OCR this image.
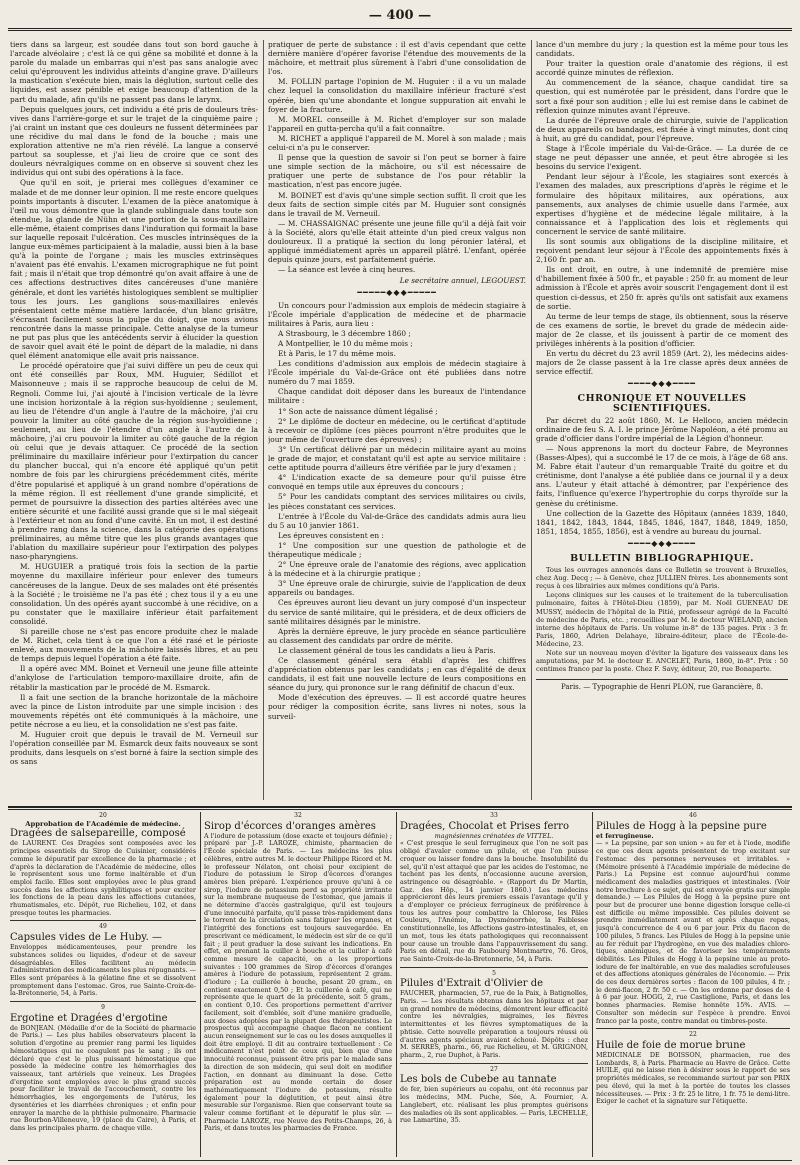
— 400 —

tiers dans sa largeur, est soudée dans tout son bord gauche à l'arcade alvéolaire ; c'est là ce qui gêne sa mobilité et donne à la parole du malade un embarras qui n'est pas sans analogie avec celui qu'éprouvent les individus atteints d'angine grave. D'ailleurs la mastication s'exécute bien, mais la déglution, surtout celle des liquides, est assez pénible et exige beaucoup d'attention de la part du malade, afin qu'ils ne passent pas dans le larynx.

Depuis quelques jours, cet individu a été pris de douleurs très-vives dans l'arrière-gorge et sur le trajet de la cinquième paire ; j'ai craint un instant que ces douleurs ne fussent déterminées par une récidive du mal dans le fond de la bouche ; mais une exploration attentive ne m'a rien révélé. La langue a conservé partout sa souplesse, et j'ai lieu de croire que ce sont des douleurs névralgiques comme on en observe si souvent chez les individus qui ont subi des opérations à la face.

Que qu'il en soit, je prierai mes collègues d'examiner ce malade et de me donner leur opinion. Il me reste encore quelques points importants à discuter. L'examen de la pièce anatomique à l'œil nu vous démontre que la glande sublinguale dans toute son étendue, la glande de Nühn et une portion de la sous-maxillaire elle-même, étaient comprises dans l'induration qui formait la base sur laquelle reposait l'ulcération. Ces muscles intrinsèques de la langue eux-mêmes participaient à la maladie, aussi bien à la base qu'à la pointe de l'organe ; mais les muscles extrinsèques n'avaient pas été envahis. L'examen micrographique ne fut point fait ; mais il n'était que trop démontré qu'on avait affaire à une de ces affections destructives dites cancéreuses d'une manière générale, et dont les variétés histologiques semblent se multiplier tous les jours. Les ganglions sous-maxillaires enlevés présentaient cette même matière lardacée, d'un blanc grisâtre, s'écrasant facilement sous la pulpe du doigt, que nous avions rencontrée dans la masse principale. Cette analyse de la tumeur ne put pas plus que les antécédents servir à élucider la question de savoir quel avait été le point de départ de la maladie, ni dans quel élément anatomique elle avait pris naissance.

Le procédé opératoire que j'ai suivi diffère un peu de ceux qui ont été conseillés par Roux, MM. Huguier, Sédillot et Maisonneuve ; mais il se rapproche beaucoup de celui de M. Regnoli. Comme lui, j'ai ajouté à l'incision verticale de la lèvre une incision horizontale à la région sus-hyoïdienne ; seulement, au lieu de l'étendre d'un angle à l'autre de la mâchoire, j'ai cru pouvoir la limiter au côté gauche de la région sus-hyoïdienne ; seulement, au lieu de l'étendre d'un angle à l'autre de la mâchoire, j'ai cru pouvoir la limiter au côté gauche de la région où celui que je devais attaquer. Ce procédé de la section préliminaire du maxillaire inférieur pour l'extirpation du cancer du plancher buccal, qui n'a encore été appliqué qu'un petit nombre de fois par les chirurgiens précédemment cités, mérite d'être popularisé et appliqué à un grand nombre d'opérations de la même région. Il est réellement d'une grande simplicité, et permet de poursuivre la dissection des parties altérées avec une entière sécurité et une facilité aussi grande que si le mal siégeait à l'extérieur et non au fond d'une cavité. En un mot, il est destiné à prendre rang dans la science, dans la catégorie des opérations préliminaires, au même titre que les plus grands avantages que l'ablation du maxillaire supérieur pour l'extirpation des polypes naso-pharyngiens.

M. HUGUIER a pratiqué trois fois la section de la partie moyenne du maxillaire inférieur pour enlever des tumeurs cancéreuses de la langue. Deux de ses malades ont été présentés à la Société ; le troisième ne l'a pas été ; chez tous il y a eu une consolidation. Un des opérés ayant succombé à une récidive, on a pu constater que le maxillaire inférieur était parfaitement consolidé.

Si pareille chose ne s'est pas encore produite chez le malade de M. Richet, cela tient à ce que l'on a été rasé et le périoste enlevé, aux mouvements de la mâchoire laissés libres, et au peu de temps depuis lequel l'opération a été faite.

Il a opéré avec MM. Boinet et Verneuil une jeune fille atteinte d'ankylose de l'articulation temporo-maxillaire droite, afin de rétablir la mastication par le procédé de M. Esmarck.

Il a fait une section de la branche horizontale de la mâchoire avec la pince de Liston introduite par une simple incision : des mouvements répétés ont été communiqués à la mâchoire, une petite nécrose a eu lieu, et la consolidation ne s'est pas faite.

M. Huguier croit que depuis le travail de M. Verneuil sur l'opération conseillée par M. Esmarck deux faits nouveaux se sont produits, dans lesquels on s'est borné à faire la section simple des os sans

pratiquer de perte de substance : il est d'avis cependant que cette dernière manière d'opérer favorise l'étendue des mouvements de la mâchoire, et mettrait plus sûrement à l'abri d'une consolidation de l'os.

M. FOLLIN partage l'opinion de M. Huguier : il a vu un malade chez lequel la consolidation du maxillaire inférieur fracturé s'est opérée, bien qu'une abondante et longue suppuration ait envahi le foyer de la fracture.

M. MOREL conseille à M. Richet d'employer sur son malade l'appareil en gutta-percha qu'il a fait connaître.

M. RICHET a appliqué l'appareil de M. Morel à son malade ; mais celui-ci n'a pu le conserver.

Il pense que la question de savoir si l'on peut se borner à faire une simple section de la mâchoire, ou s'il est nécessaire de pratiquer une perte de substance de l'os pour rétablir la mastication, n'est pas encore jugée.

M. BOINET est d'avis qu'une simple section suffit. Il croit que les deux faits de section simple cités par M. Huguier sont consignés dans le travail de M. Verneuil.

— M. CHASSAIGNAC présente une jeune fille qu'il a déjà fait voir à la Société, alors qu'elle était atteinte d'un pied creux valgus non douloureux. Il a pratiqué la section du long péronier latéral, et appliqué immédiatement après un appareil plâtré. L'enfant, opérée depuis quinze jours, est parfaitement guérie.

— La séance est levée à cinq heures.

Le secrétaire annuel, LEGOUEST.
━━━━━◆◆◆━━━━━

Un concours pour l'admission aux emplois de médecin stagiaire à l'École impériale d'application de médecine et de pharmacie militaires à Paris, aura lieu :

A Strasbourg, le 3 décembre 1860 ;

A Montpellier, le 10 du même mois ;

Et à Paris, le 17 du même mois.

Les conditions d'admission aux emplois de médecin stagiaire à l'École impériale du Val-de-Grâce ont été publiées dans notre numéro du 7 mai 1859.

Chaque candidat doit déposer dans les bureaux de l'intendance militaire :

1° Son acte de naissance dûment légalisé ;

2° Le diplôme de docteur en médecine, ou le certificat d'aptitude à recevoir ce diplôme (ces pièces pourront n'être produites que le jour même de l'ouverture des épreuves) ;

3° Un certificat délivré par un médecin militaire ayant au moins le grade de major, et constatant qu'il est apte au service militaire : cette aptitude pourra d'ailleurs être vérifiée par le jury d'examen ;

4° L'indication exacte de sa demeure pour qu'il puisse être convoqué en temps utile aux épreuves du concours ;

5° Pour les candidats comptant des services militaires ou civils, les pièces constatant ces services.

L'entrée à l'École du Val-de-Grâce des candidats admis aura lieu du 5 au 10 janvier 1861.

Les épreuves consistent en :

1° Une composition sur une question de pathologie et de thérapeutique médicale ;

2° Une épreuve orale de l'anatomie des régions, avec application à la médecine et à la chirurgie pratique ;

3° Une épreuve orale de chirurgie, suivie de l'application de deux appareils ou bandages.

Ces épreuves auront lieu devant un jury composé d'un inspecteur du service de santé militaire, qui le présidera, et de deux officiers de santé militaires désignés par le ministre.

Après la dernière épreuve, le jury procède en séance particulière au classement des candidats par ordre de mérite.

Le classement général de tous les candidats a lieu à Paris.

Ce classement général sera établi d'après les chiffres d'appréciation obtenus par les candidats ; en cas d'égalité de deux candidats, il est fait une nouvelle lecture de leurs compositions en séance du jury, qui prononce sur le rang définitif de chacun d'eux.

Mode d'exécution des épreuves. — Il est accordé quatre heures pour rédiger la composition écrite, sans livres ni notes, sous la surveil-

lance d'un membre du jury ; la question est la même pour tous les candidats.

Pour traiter la question orale d'anatomie des régions, il est accordé quinze minutes de réflexion.

Au commencement de la séance, chaque candidat tire sa question, qui est numérotée par le président, dans l'ordre que le sort a fixé pour son audition ; elle lui est remise dans le cabinet de réflexion quinze minutes avant l'épreuve.

La durée de l'épreuve orale de chirurgie, suivie de l'application de deux appareils ou bandages, est fixée à vingt minutes, dont cinq à huit, au gré du candidat, pour l'épreuve.

Stage à l'École impériale du Val-de-Grâce. — La durée de ce stage ne peut dépasser une année, et peut être abrogée si les besoins du service l'exigent.

Pendant leur séjour à l'École, les stagiaires sont exercés à l'examen des malades, aux prescriptions d'après le régime et le formulaire des hôpitaux militaires, aux opérations, aux pansements, aux analyses de chimie usuelle dans l'armée, aux expertises d'hygiène et de médecine légale militaire, à la connaissance et à l'application des lois et règlements qui concernent le service de santé militaire.

Ils sont soumis aux obligations de la discipline militaire, et reçoivent pendant leur séjour à l'École des appointements fixés à 2,160 fr. par an.

Ils ont droit, en outre, à une indemnité de première mise d'habillement fixée à 500 fr., et payable : 250 fr. au moment de leur admission à l'École et après avoir souscrit l'engagement dont il est question ci-dessus, et 250 fr. après qu'ils ont satisfait aux examens de sortie.

Au terme de leur temps de stage, ils obtiennent, sous la réserve de ces examens de sortie, le brevet du grade de médecin aide-major de 2e classe, et ils jouissent à partir de ce moment des privilèges inhérents à la position d'officier.

En vertu du décret du 23 avril 1859 (Art. 2), les médecins aides-majors de 2e classe passent à la 1re classe après deux années de service effectif.

━━━━◆◆◆━━━━
CHRONIQUE ET NOUVELLES SCIENTIFIQUES.

Par décret du 22 août 1860, M. Le Helloco, ancien médecin ordinaire de feu S. A. I. le prince Jérôme Napoléon, a été promu au grade d'officier dans l'ordre impérial de la Légion d'honneur.

— Nous apprenons la mort du docteur Fabre, de Meyronnes (Basses-Alpes), qui a succombé le 17 de ce mois, à l'âge de 68 ans. M. Fabre était l'auteur d'un remarquable Traité du goitre et du crétinisme, dont l'analyse a été publiée dans ce journal il y a deux ans. L'auteur y était attaché à démontrer, par l'expérience des faits, l'influence qu'exerce l'hypertrophie du corps thyroïde sur la genèse du crétinisme.

Une collection de la Gazette des Hôpitaux (années 1839, 1840, 1841, 1842, 1843, 1844, 1845, 1846, 1847, 1848, 1849, 1850, 1851, 1854, 1855, 1856), est à vendre au bureau du journal.

━━━━◆◆◆━━━━
BULLETIN BIBLIOGRAPHIQUE.

Tous les ouvrages annoncés dans ce Bulletin se trouvent à Bruxelles, chez Aug. Decq ; — à Genève, chez JULLIEN frères. Les abonnements sont reçus à ces librairies aux mêmes conditions qu'à Paris.

Leçons cliniques sur les causes et le traitement de la tuberculisation pulmonaire, faites à l'Hôtel-Dieu (1859), par M. Noël GUENEAU DE MUSSY, médecin de l'hôpital de la Pitié, professeur agrégé de la Faculté de médecine de Paris, etc. ; recueillies par M. le docteur WIELAND, ancien interne des hôpitaux de Paris. Un volume in-8° de 135 pages. Prix : 3 fr. Paris, 1860, Adrien Delahaye, libraire-éditeur, place de l'École-de-Médecine, 23.

Note sur un nouveau moyen d'éviter la ligature des vaisseaux dans les amputations, par M. le docteur E. ANCELET, Paris, 1860, in-8°. Prix : 50 centimes franco par la poste. Chez F. Savy, éditeur, 20, rue Bonaparte.

Paris. — Typographie de Henri PLON, rue Garancière, 8.
20
Approbation de l'Académie de médecine.
Dragées de salsepareille, composé

de LAURENT. Ces Dragées sont composées avec les principes essentiels du Sirop de Cuisinier, considérés comme le dépuratif par excellence de la pharmacie ; et d'après la déclaration de l'Académie de médecine, elles le représentent sous une forme inaltérable et d'un emploi facile. Elles sont employées avec le plus grand succès dans les affections syphilitiques et pour exciter les fonctions de la peau dans les affections cutanées, rhumatismales, etc. Dépôt, rue Richelieu, 102, et dans presque toutes les pharmacies.

49
Capsules vides de Le Huby. —

Enveloppes médicamenteuses, pour prendre les substances solides ou liquides, d'odeur et de saveur désagréables. Elles facilitent au médecin l'administration des médicaments les plus répugnants. — Elles sont préparées à la gélatine fine et se dissolvent promptement dans l'estomac. Gros, rue Sainte-Croix-de-la-Bretonnerie, 54, à Paris.

9
Ergotine et Dragées d'ergotine

de BONJEAN. (Médaille d'or de la Société de pharmacie de Paris.) — Les plus habiles observateurs placent la solution d'ergotine au premier rang parmi les liquides hémostatiques qui ne coagulent pas le sang ; ils ont déclaré que c'est le plus puissant hémostatique que possède la médecine contre les hémorrhagies des vaisseaux, tant artériels que veineux. Les Dragées d'ergotine sont employées avec le plus grand succès pour faciliter le travail de l'accouchement, contre les hémorrhagies, les engorgements de l'utérus, les dysentéries et les diarrhées chroniques ; et enfin pour enrayer la marche de la phthisie pulmonaire. Pharmacie rue Bourbon-Villeneuve, 19 (place du Caire), à Paris, et dans les principales pharm. de chaque ville.

32
Sirop d'écorces d'oranges amères

A l'iodure de potassium (dose exacte et toujours définie) ; préparé par J.-P. LAROZE, chimiste, pharmacien de l'École spéciale de Paris. — Les médecins les plus célèbres, entre autres M. le docteur Philippe Ricord et M. le professeur Nélaton, ont choisi pour excipient de l'iodure de potassium le Sirop d'écorces d'oranges amères bien préparé. L'expérience prouve qu'uni à ce sirop, l'iodure de potassium perd sa propriété irritante sur la membrane muqueuse de l'estomac, que jamais il ne détermine d'accès gastralgique, qu'il est toujours d'une innocuité parfaite, qu'il passe très-rapidement dans le torrent de la circulation sans fatiguer les organes, et l'intégrité des fonctions est toujours sauvegardée. En prescrivant ce médicament, le médecin est sûr de ce qu'il fait ; il peut graduer la dose suivant les indications. En effet, en prenant la cuiller à bouche et la cuiller à café comme mesure de capacité, on a les proportions suivantes : 100 grammes de Sirop d'écorces d'oranges amères à l'iodure de potassium, représentent 2 gram. d'iodure ; La cuillerée à bouche, pesant 20 gram., en contient exactement 0,50 ; Et la cuillerée à café, qui ne représente que le quart de la précédente, soit 5 gram., en contient 0,10. Ces proportions permettent d'arriver facilement, soit d'emblée, soit d'une manière graduelle, aux doses adoptées par la plupart des thérapeutistes. Le prospectus qui accompagne chaque flacon ne contient aucun renseignement sur le cas ou les doses auxquelles il doit être employé. Il dit au contraire textuellement : Ce médicament n'est point de ceux qui, bien que d'une innocuité reconnue, puissent être pris par le malade sans la direction de son médecin, qui seul doit en modifier l'action, en donnant au diminuant la dose. Cette préparation est au monde certain de doser mathématiquement l'iodure de potassium, résulte également pour la déglutition, et peut ainsi être mesurable sur l'organisme. Rien que conservant toute sa valeur comme fortifiant et le dépuratif le plus sûr. — Pharmacie LAROZE, rue Neuve des Petits-Champs, 26, à Paris, et dans toutes les pharmacies de France.

33
Dragées, Chocolat et Prises ferro
magnésiennes crénatées de VITTEL.

« C'est presque le seul ferrugineux que l'on ne soit pas obligé d'avaler comme un pilule, et que l'on puisse croquer ou laisser fondre dans la bouche. Insolubilité du sel, qu'il n'est attaqué que par les acides de l'estomac, ne tachent pas les dents, n'occasionne aucune aversion, astringence ou désagréable. » (Rapport du Dr Martin, Gaz. des Hôp., 14 janvier 1860.) Les médecins apprécieront dès leurs premiers essais l'avantage qu'il y a d'employer ce précieux ferrugineux de préférence à tous les autres pour combattre la Chlorose, les Pâles Couleurs, l'Anémie, la Dysménorrhée, la Faiblesse constitutionnelle, les Affections gastro-intestinales, et, en un mot, tous les états pathologiques qui reconnaissent pour cause un trouble dans l'appauvrissement du sang. Paris en détail, rue du Faubourg Montmartre, 76. Gros, rue Sainte-Croix-de-la-Bretonnerie, 54, à Paris.

5
Pilules d'Extrait d'Olivier de

FAUCHER, pharmacien, 57, rue de la Paix, à Batignolles, Paris. — Les résultats obtenus dans les hôpitaux et par un grand nombre de médecins, démontrent leur efficacité contre les névralgies, migraines, les fièvres intermittentes et les fièvres symptomatiques de la phtisie. Cette nouvelle préparation a toujours réussi où d'autres agents spéciaux avaient échoué. Dépôts : chez M. SERRES, pharm., 66, rue Richelieu, et M. GRIGNON, pharm., 2, rue Duphot, à Paris.

27
Les bols de Cubebe au tannate

de fer, bien supérieurs au copahu, ont été reconnus par les médecins, MM. Puche, Sée, A. Fournier, A. Langlebert, etc. réalisant les plus promptes guérisons des maladies où ils sont applicables. — Paris, LECHELLE, rue Lamartine, 35.

46
Pilules de Hogg à la pepsine pure
et ferrugineuse.

— « La pepsine, par son union » au fer et à l'iode, modifie ce que ces deux agents présentent de trop excitant sur l'estomac des personnes nerveuses et irritables. » (Mémoire présenté à l'Académie impériale de médecine de Paris.) La Pepsine est connue aujourd'hui comme médicament des maladies gastriques et intestinales. (Voir notre brochure à ce sujet, qui est envoyée gratis sur simple demande.) — Les Pilules de Hogg à la pepsine pure ont pour but de procurer une bonne digestion lorsque celle-ci est difficile ou même impossible. Ces pilules doivent se prendre immédiatement avant et après chaque repas, jusqu'à concurrence de 4 ou 6 par jour. Prix du flacon de 100 pilules, 5 francs. Les Pilules de Hogg à la pepsine unie au fer réduit par l'hydrogène, en vue des maladies chloro-tiques, anémiques, et de favoriser les tempéraments débilités. Les Pilules de Hogg à la pepsine unie au proto-iodure de fer inaltérable, en vue des maladies scrofuleuses et des affections atoniques générales de l'économie. — Prix de ces deux dernières sortes : flacon de 100 pilules, 4 fr. ; le demi-flacon, 2 fr. 50 c. — On les ordonne par doses de 4 à 6 par jour. HOGG, 2, rue Castiglione, Paris, et dans les bonnes pharmacies. Remise honnête 15%. AVIS. — Consulter son médecin sur l'espèce à prendre. Envoi franco par la poste, contre mandat ou timbres-poste.

22
Huile de foie de morue brune

MÉDICINALE DE BOISSON, pharmacien, rue des Lombards, 8, à Paris. Pharmacie au Havre de Grâce. Cette HUILE, qui ne laisse rien à désirer sous le rapport de ses propriétés médicales, se recommande surtout par son PRIX peu élevé, qui la met à la portée de toutes les classes nécessiteuses. — Prix : 3 fr. 25 le litre, 1 fr. 75 le demi-litre. Exiger le cachet et la signature sur l'étiquette.
